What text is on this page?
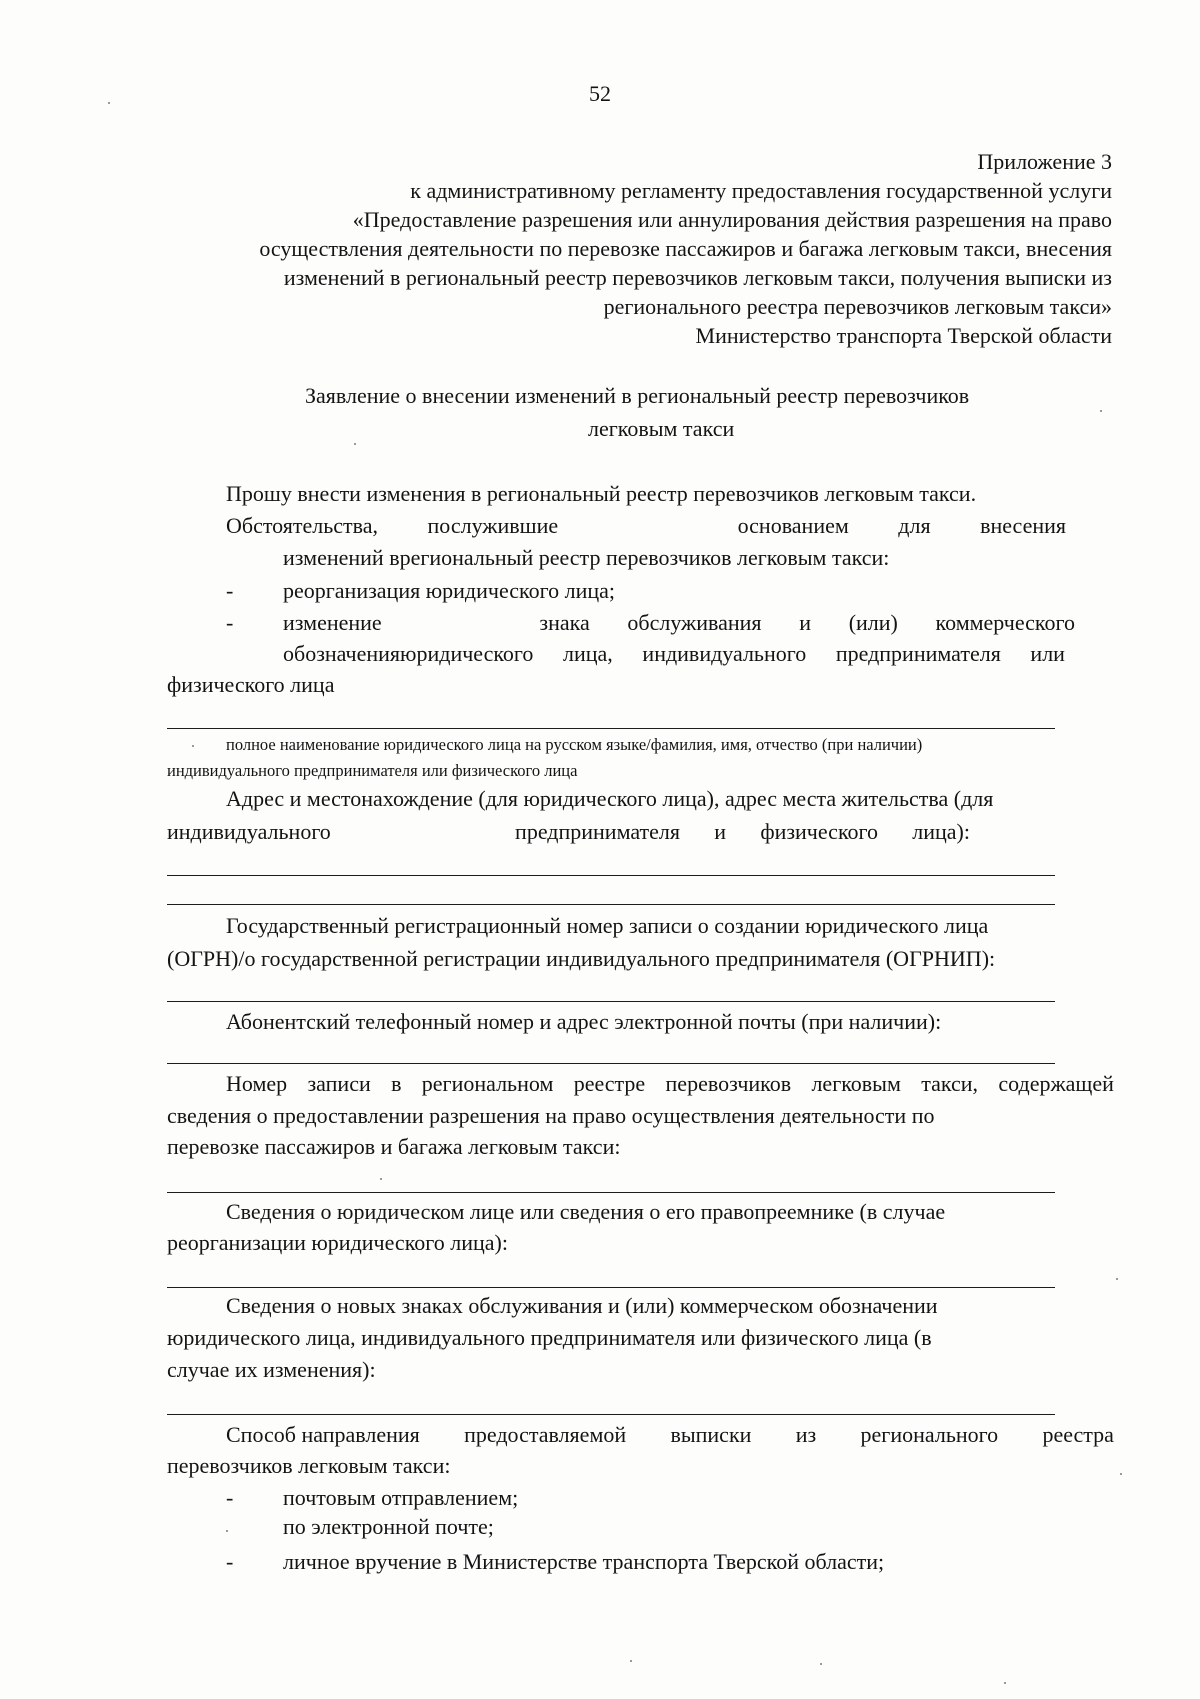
52
Приложение 3
к административному регламенту предоставления государственной услуги
«Предоставление разрешения или аннулирования действия разрешения на право
осуществления деятельности по перевозке пассажиров и багажа легковым такси, внесения
изменений в региональный реестр перевозчиков легковым такси, получения выписки из
регионального реестра перевозчиков легковым такси»
Министерство транспорта Тверской области
Заявление о внесении изменений в региональный реестр перевозчиков
легковым такси
Прошу внести изменения в региональный реестр перевозчиков легковым такси.
Обстоятельства, послужившие	основанием для внесения
изменений врегиональный реестр перевозчиков легковым такси:
- реорганизация юридического лица;
- изменение	знака обслуживания и (или) коммерческого
обозначенияюридического лица, индивидуального предпринимателя или
физического лица
полное наименование юридического лица на русском языке/фамилия, имя, отчество (при наличии)
индивидуального предпринимателя или физического лица
Адрес и местонахождение (для юридического лица), адрес места жительства (для
индивидуального	предпринимателя и физического лица):
Государственный регистрационный номер записи о создании юридического лица
(ОГРН)/о государственной регистрации индивидуального предпринимателя (ОГРНИП):
Абонентский телефонный номер и адрес электронной почты (при наличии):
Номер записи в региональном реестре перевозчиков легковым такси, содержащей
сведения о предоставлении разрешения на право осуществления деятельности по
перевозке пассажиров и багажа легковым такси:
Сведения о юридическом лице или сведения о его правопреемнике (в случае
реорганизации юридического лица):
Сведения о новых знаках обслуживания и (или) коммерческом обозначении
юридического лица, индивидуального предпринимателя или физического лица (в
случае их изменения):
Способ направления предоставляемой выписки из регионального реестра
перевозчиков легковым такси:
- почтовым отправлением;
по электронной почте;
- личное вручение в Министерстве транспорта Тверской области;
